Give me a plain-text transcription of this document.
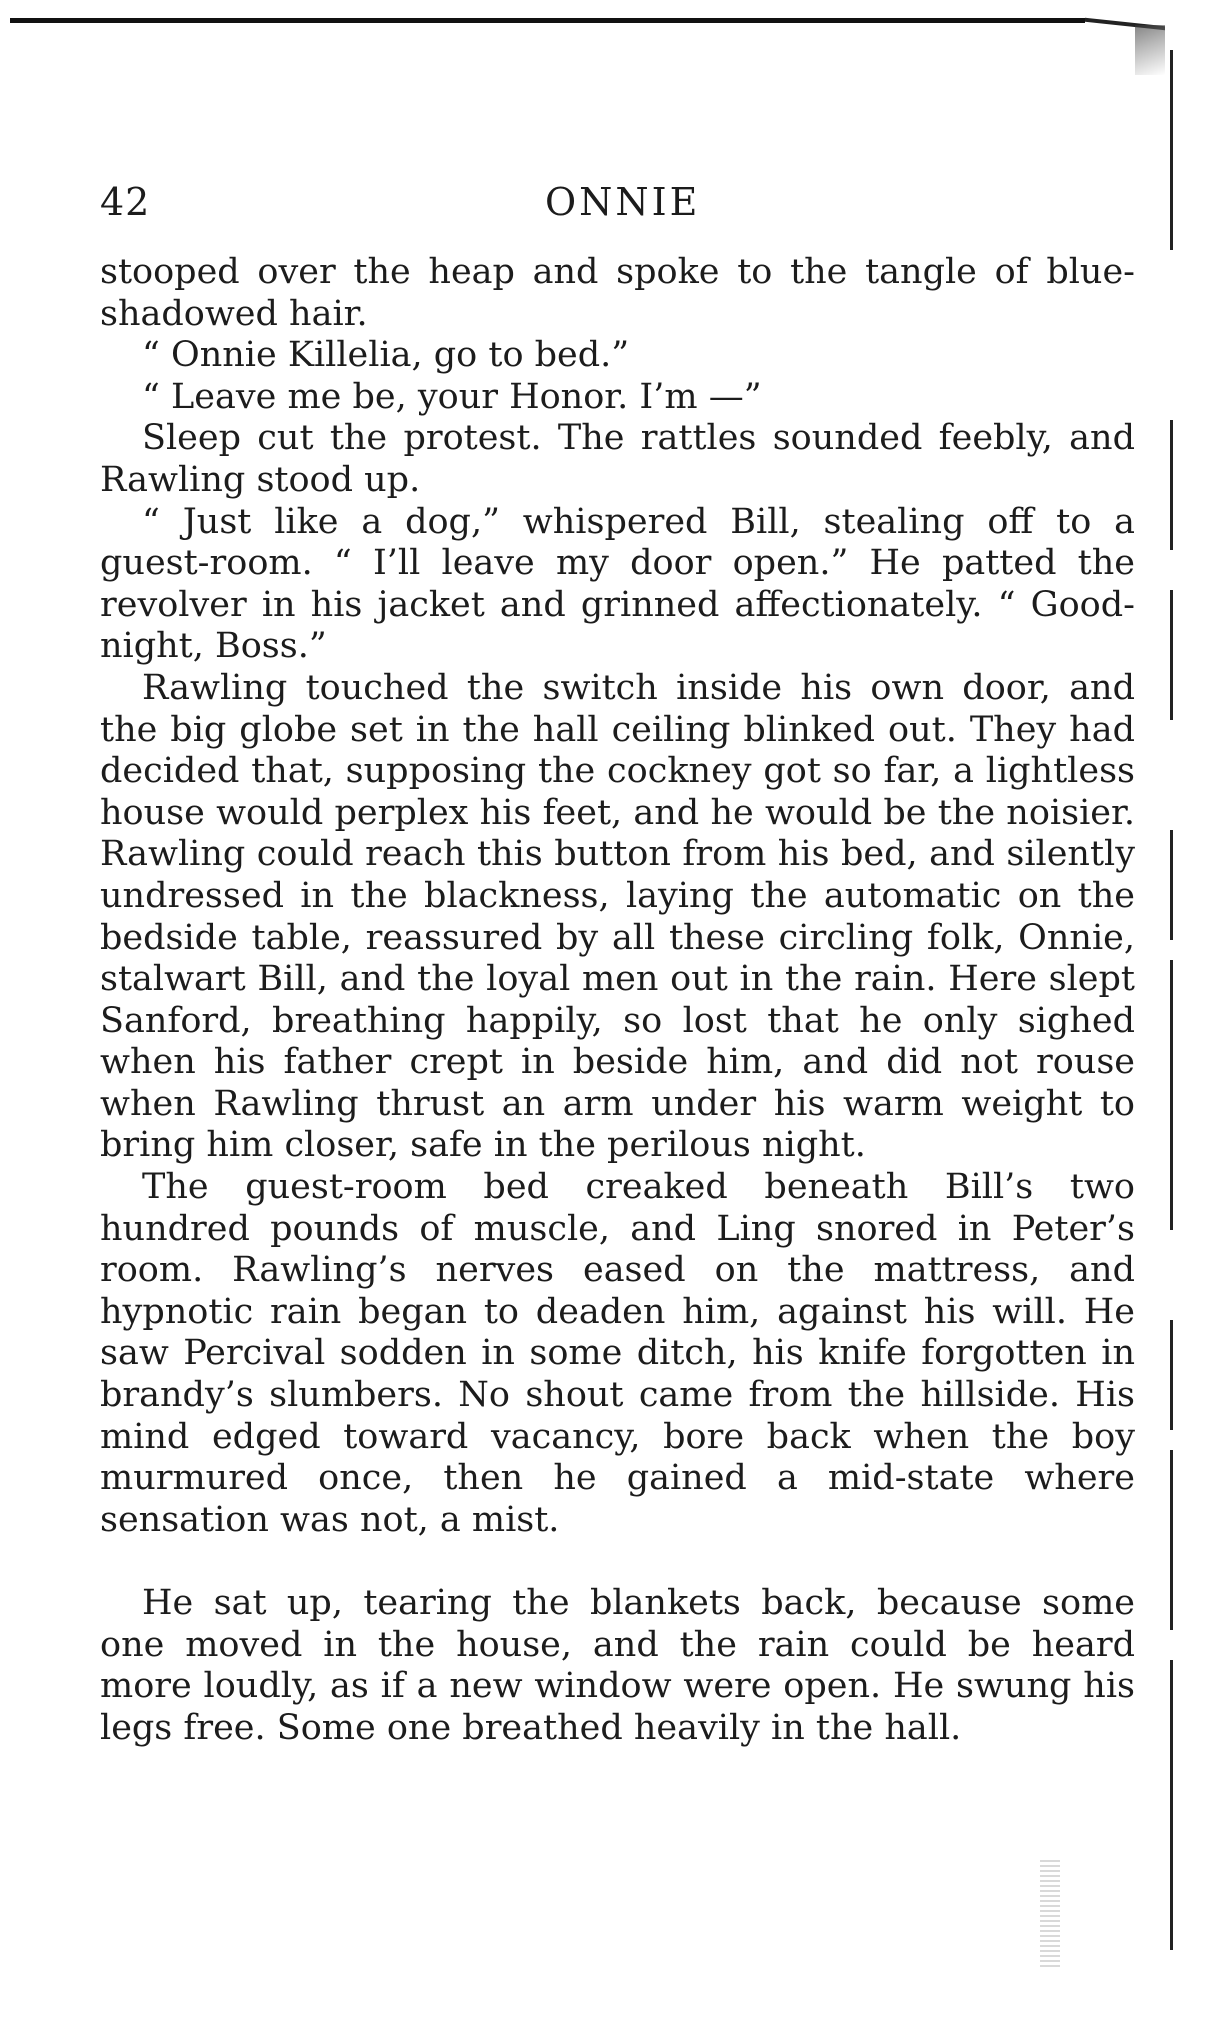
42	ONNIE

stooped over the heap and spoke to the tangle of blue-shadowed hair.

“ Onnie Killelia, go to bed.”

“ Leave me be, your Honor. I’m —”

Sleep cut the protest. The rattles sounded feebly, and Rawling stood up.

“ Just like a dog,” whispered Bill, stealing off to a guest-room. “ I’ll leave my door open.” He patted the revolver in his jacket and grinned affectionately. “ Good-night, Boss.”

Rawling touched the switch inside his own door, and the big globe set in the hall ceiling blinked out. They had decided that, supposing the cockney got so far, a lightless house would perplex his feet, and he would be the noisier. Rawling could reach this button from his bed, and silently undressed in the blackness, laying the automatic on the bedside table, reassured by all these circling folk, Onnie, stalwart Bill, and the loyal men out in the rain. Here slept Sanford, breathing happily, so lost that he only sighed when his father crept in beside him, and did not rouse when Rawling thrust an arm under his warm weight to bring him closer, safe in the perilous night.

The guest-room bed creaked beneath Bill’s two hundred pounds of muscle, and Ling snored in Peter’s room. Rawling’s nerves eased on the mattress, and hypnotic rain began to deaden him, against his will. He saw Percival sodden in some ditch, his knife forgotten in brandy’s slumbers. No shout came from the hillside. His mind edged toward vacancy, bore back when the boy murmured once, then he gained a mid-state where sensation was not, a mist.

He sat up, tearing the blankets back, because some one moved in the house, and the rain could be heard more loudly, as if a new window were open. He swung his legs free. Some one breathed heavily in the hall.
